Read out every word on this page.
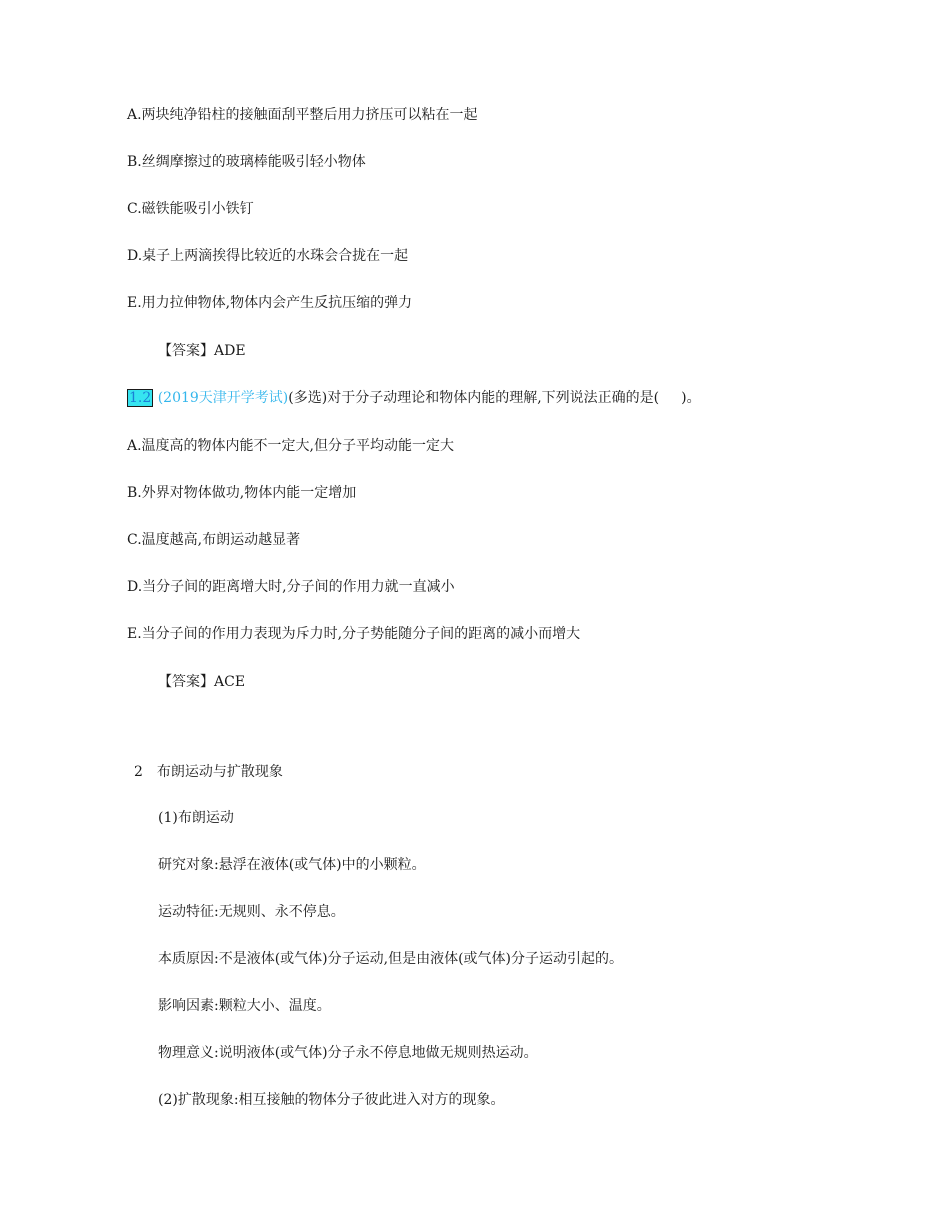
A.两块纯净铅柱的接触面刮平整后用力挤压可以粘在一起
B.丝绸摩擦过的玻璃棒能吸引轻小物体
C.磁铁能吸引小铁钉
D.桌子上两滴挨得比较近的水珠会合拢在一起
E.用力拉伸物体,物体内会产生反抗压缩的弹力
【答案】ADE
1.2 (2019天津开学考试)(多选)对于分子动理论和物体内能的理解,下列说法正确的是( )。
A.温度高的物体内能不一定大,但分子平均动能一定大
B.外界对物体做功,物体内能一定增加
C.温度越高,布朗运动越显著
D.当分子间的距离增大时,分子间的作用力就一直减小
E.当分子间的作用力表现为斥力时,分子势能随分子间的距离的减小而增大
【答案】ACE
2　布朗运动与扩散现象
(1)布朗运动
研究对象:悬浮在液体(或气体)中的小颗粒。
运动特征:无规则、永不停息。
本质原因:不是液体(或气体)分子运动,但是由液体(或气体)分子运动引起的。
影响因素:颗粒大小、温度。
物理意义:说明液体(或气体)分子永不停息地做无规则热运动。
(2)扩散现象:相互接触的物体分子彼此进入对方的现象。
